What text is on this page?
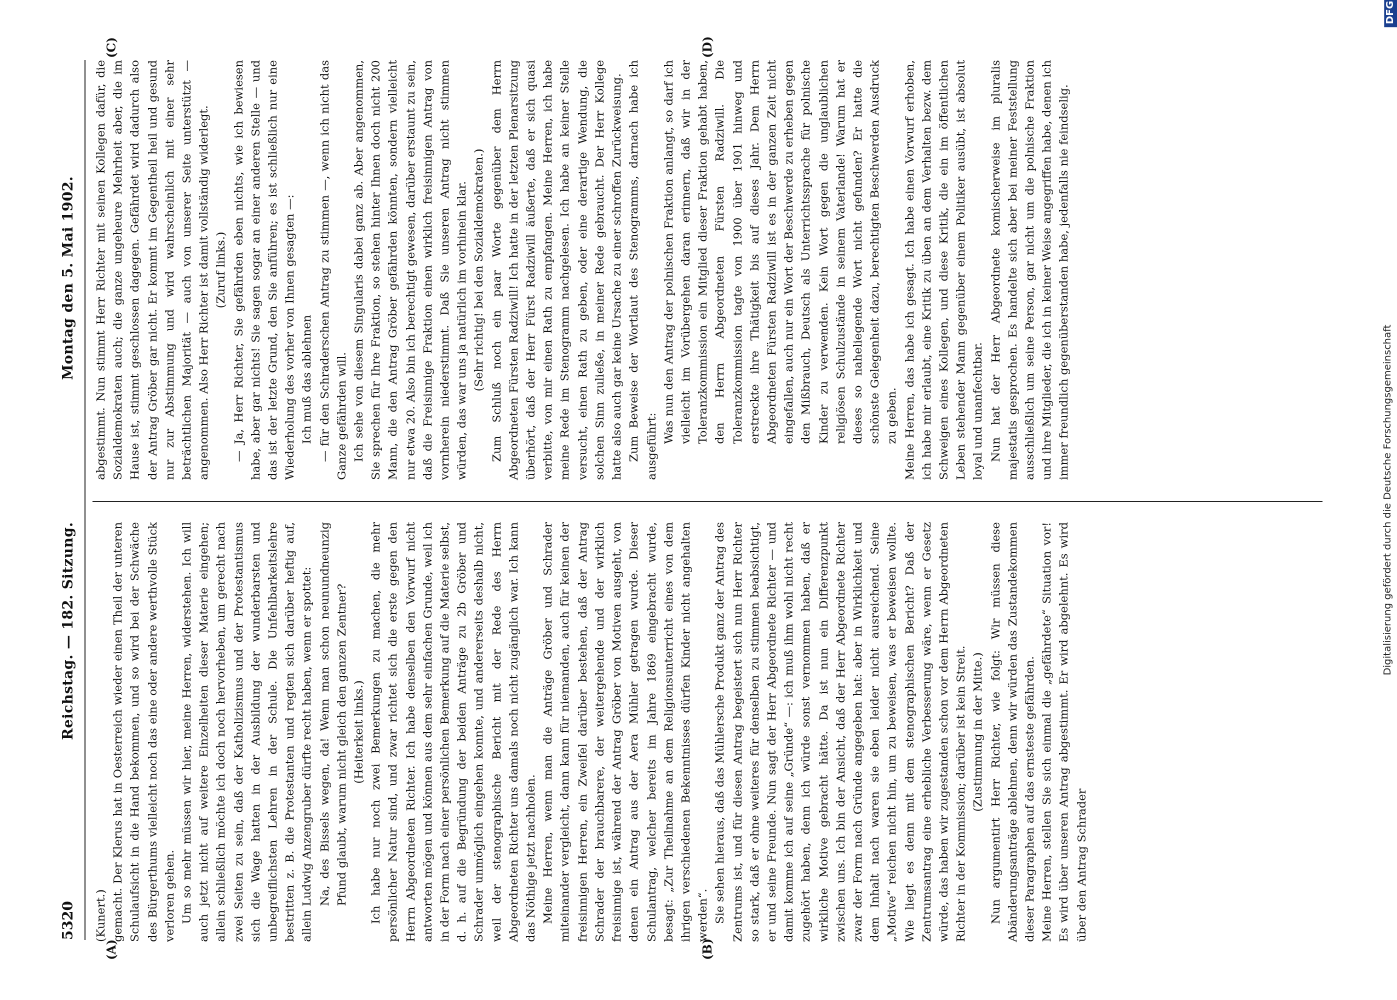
5320
Reichstag. — 182. Sitzung.
Montag den 5. Mai 1902.
(A)	(B)
(C)	(D)

(Kunert.) gemacht. Der Klerus hat in Oesterreich wieder einen Theil der unteren Schulaufsicht in die Hand bekommen, und so wird bei der Schwäche des Bürgerthums vielleicht noch das eine oder andere werthvolle Stück verloren gehen. Um so mehr müssen wir hier, meine Herren, widerstehen. Ich will auch jetzt nicht auf weitere Einzelheiten dieser Materie eingehen; allein schließlich möchte ich doch noch hervorheben, um gerecht nach zwei Seiten zu sein, daß der Katholizismus und der Protestantismus sich die Wage hatten in der Ausbildung der wunderbarsten und unbegreiflichsten Lehren in der Schule. Die Unfehlbarkeitslehre bestritten z. B. die Protestanten und regten sich darüber heftig auf, allein Ludwig Anzengruber dürfte recht haben, wenn er spottet: Na, des Bissels wegen, da! Wenn man schon neunundneunzig Pfund glaubt, warum nicht gleich den ganzen Zentner? (Heiterkeit links.) Ich habe nur noch zwei Bemerkungen zu machen, die mehr persönlicher Natur sind, und zwar richtet sich die erste gegen den Herrn Abgeordneten Richter. Ich habe denselben den Vorwurf nicht antworten mögen und können aus dem sehr einfachen Grunde, weil ich in der Form nach einer persönlichen Bemerkung auf die Materie selbst, d. h. auf die Begründung der beiden Anträge zu 2b Gröber und Schrader unmöglich eingehen konnte, und andererseits deshalb nicht, weil der stenographische Bericht mit der Rede des Herrn Abgeordneten Richter uns damals noch nicht zugänglich war. Ich kann das Nöthige jetzt nachholen. Meine Herren, wenn man die Anträge Gröber und Schrader miteinander vergleicht, dann kann für niemanden, auch für keinen der freisinnigen Herren, ein Zweifel darüber bestehen, daß der Antrag Schrader der brauchbarere, der weitergehende und der wirklich freisinnige ist, während der Antrag Gröber von Motiven ausgeht, von denen ein Antrag aus der Aera Mühler getragen wurde. Dieser Schulantrag, welcher bereits im Jahre 1869 eingebracht wurde, besagt: „Zur Theilnahme an dem Religionsunterricht eines von dem ihrigen verschiedenen Bekenntnisses dürfen Kinder nicht angehalten werden“. Sie sehen hieraus, daß das Mühlersche Produkt ganz der Antrag des Zentrums ist, und für diesen Antrag begeistert sich nun Herr Richter so stark, daß er ohne weiteres für denselben zu stimmen beabsichtigt, er und seine Freunde. Nun sagt der Herr Abgeordnete Richter — und damit komme ich auf seine „Gründe“ —: ich muß ihm wohl nicht recht zugehört haben, denn ich würde sonst vernommen haben, daß er wirkliche Motive gebracht hätte. Da ist nun ein Differenzpunkt zwischen uns. Ich bin der Ansicht, daß der Herr Abgeordnete Richter zwar der Form nach Gründe angegeben hat: aber in Wirklichkeit und dem Inhalt nach waren sie eben leider nicht ausreichend. Seine „Motive“ reichen nicht hin, um zu beweisen, was er beweisen wollte. Wie liegt es denn mit dem stenographischen Bericht? Daß der Zentrumsantrag eine erhebliche Verbesserung wäre, wenn er Gesetz würde, das haben wir zugestanden schon vor dem Herrn Abgeordneten Richter in der Kommission; darüber ist kein Streit. (Zustimmung in der Mitte.) Nun argumentirt Herr Richter, wie folgt: Wir müssen diese Abänderungsanträge ablehnen, denn wir würden das Zustandekommen dieser Paragraphen auf das ernsteste gefährden. Meine Herren, stellen Sie sich einmal die „gefährdete“ Situation vor! Es wird über unseren Antrag abgestimmt. Er wird abgelehnt. Es wird über den Antrag Schrader

abgestimmt. Nun stimmt Herr Richter mit seinen Kollegen dafür, die Sozialdemokraten auch; die ganze ungeheure Mehrheit aber, die im Hause ist, stimmt geschlossen dagegen. Gefährdet wird dadurch also der Antrag Gröber gar nicht. Er kommt im Gegentheil heil und gesund nur zur Abstimmung und wird wahrscheinlich mit einer sehr beträchtlichen Majorität — auch von unserer Seite unterstützt — angenommen. Also Herr Richter ist damit vollständig widerlegt. (Zuruf links.) — Ja, Herr Richter, Sie gefährden eben nichts, wie ich bewiesen habe, aber gar nichts! Sie sagen sogar an einer anderen Stelle — und das ist der letzte Grund, den Sie anführen; es ist schließlich nur eine Wiederholung des vorher von Ihnen gesagten —: Ich muß das ablehnen — für den Schraderschen Antrag zu stimmen —, wenn ich nicht das Ganze gefährden will. Ich sehe von diesem Singularis dabei ganz ab. Aber angenommen, Sie sprechen für Ihre Fraktion, so stehen hinter Ihnen doch nicht 200 Mann, die den Antrag Gröber gefährden könnten, sondern vielleicht nur etwa 20. Also bin ich berechtigt gewesen, darüber erstaunt zu sein, daß die Freisinnige Fraktion einen wirklich freisinnigen Antrag von vornherein niederstimmt. Daß Sie unseren Antrag nicht stimmen würden, das war uns ja natürlich im vorhinein klar. (Sehr richtig! bei den Sozialdemokraten.) Zum Schluß noch ein paar Worte gegenüber dem Herrn Abgeordneten Fürsten Radziwill! Ich hatte in der letzten Plenarsitzung überhört, daß der Herr Fürst Radziwill äußerte, daß er sich quasi verbitte, von mir einen Rath zu empfangen. Meine Herren, ich habe meine Rede im Stenogramm nachgelesen. Ich habe an keiner Stelle versucht, einen Rath zu geben, oder eine derartige Wendung, die solchen Sinn zuließe, in meiner Rede gebraucht. Der Herr Kollege hatte also auch gar keine Ursache zu einer schroffen Zurückweisung. Zum Beweise der Wortlaut des Stenogramms, darnach habe ich ausgeführt:

Was nun den Antrag der polnischen Fraktion anlangt, so darf ich vielleicht im Vorübergehen daran erinnern, daß wir in der Toleranzkommission ein Mitglied dieser Fraktion gehabt haben, den Herrn Abgeordneten Fürsten Radziwill. Die Toleranzkommission tagte von 1900 über 1901 hinweg und erstreckte ihre Thätigkeit bis auf dieses Jahr. Dem Herrn Abgeordneten Fürsten Radziwill ist es in der ganzen Zeit nicht eingefallen, auch nur ein Wort der Beschwerde zu erheben gegen den Mißbrauch, Deutsch als Unterrichtssprache für polnische Kinder zu verwenden. Kein Wort gegen die unglaublichen religiösen Schulzustände in seinem Vaterlande! Warum hat er dieses so naheliegende Wort nicht gefunden? Er hatte die schönste Gelegenheit dazu, berechtigten Beschwerden Ausdruck zu geben. Meine Herren, das habe ich gesagt. Ich habe einen Vorwurf erhoben, ich habe mir erlaubt, eine Kritik zu üben an dem Verhalten bezw. dem Schweigen eines Kollegen, und diese Kritik, die ein im öffentlichen Leben stehender Mann gegenüber einem Politiker ausübt, ist absolut loyal und unanfechtbar. Nun hat der Herr Abgeordnete komischerweise im pluralis majestatis gesprochen. Es handelte sich aber bei meiner Feststellung ausschließlich um seine Person, gar nicht um die polnische Fraktion und ihre Mitglieder, die ich in keiner Weise angegriffen habe, denen ich immer freundlich gegenüberstanden habe, jedenfalls nie feindselig.

Digitalisierung gefördert durch die Deutsche Forschungsgemeinschaft
DFG
